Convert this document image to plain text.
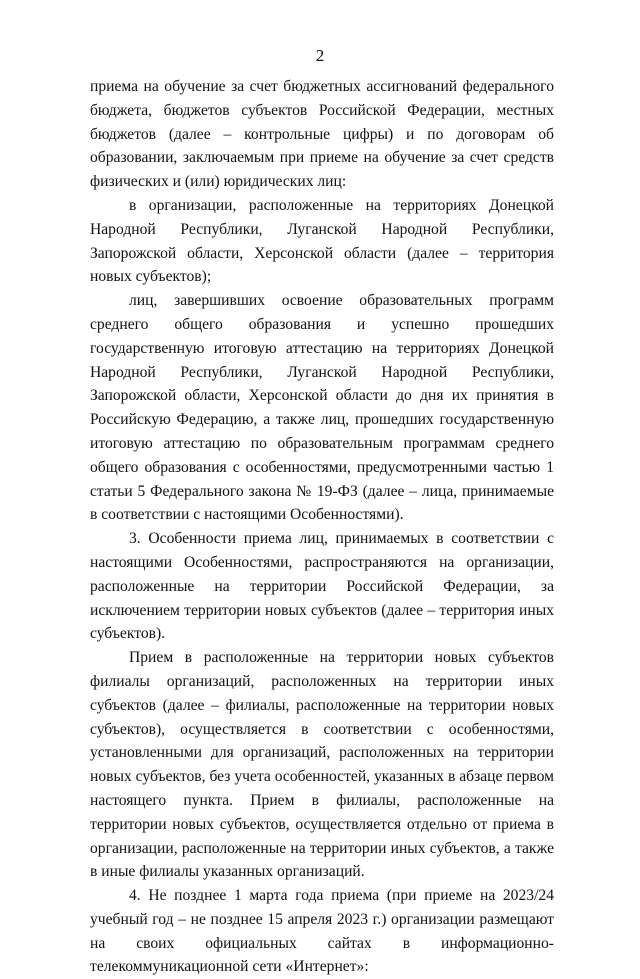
2

приема на обучение за счет бюджетных ассигнований федерального бюджета, бюджетов субъектов Российской Федерации, местных бюджетов (далее – контрольные цифры) и по договорам об образовании, заключаемым при приеме на обучение за счет средств физических и (или) юридических лиц:

в организации, расположенные на территориях Донецкой Народной Республики, Луганской Народной Республики, Запорожской области, Херсонской области (далее – территория новых субъектов);

лиц, завершивших освоение образовательных программ среднего общего образования и успешно прошедших государственную итоговую аттестацию на территориях Донецкой Народной Республики, Луганской Народной Республики, Запорожской области, Херсонской области до дня их принятия в Российскую Федерацию, а также лиц, прошедших государственную итоговую аттестацию по образовательным программам среднего общего образования с особенностями, предусмотренными частью 1 статьи 5 Федерального закона № 19-ФЗ (далее – лица, принимаемые в соответствии с настоящими Особенностями).

3. Особенности приема лиц, принимаемых в соответствии с настоящими Особенностями, распространяются на организации, расположенные на территории Российской Федерации, за исключением территории новых субъектов (далее – территория иных субъектов).

Прием в расположенные на территории новых субъектов филиалы организаций, расположенных на территории иных субъектов (далее – филиалы, расположенные на территории новых субъектов), осуществляется в соответствии с особенностями, установленными для организаций, расположенных на территории новых субъектов, без учета особенностей, указанных в абзаце первом настоящего пункта. Прием в филиалы, расположенные на территории новых субъектов, осуществляется отдельно от приема в организации, расположенные на территории иных субъектов, а также в иные филиалы указанных организаций.

4. Не позднее 1 марта года приема (при приеме на 2023/24 учебный год – не позднее 15 апреля 2023 г.) организации размещают на своих официальных сайтах в информационно-телекоммуникационной сети «Интернет»:
